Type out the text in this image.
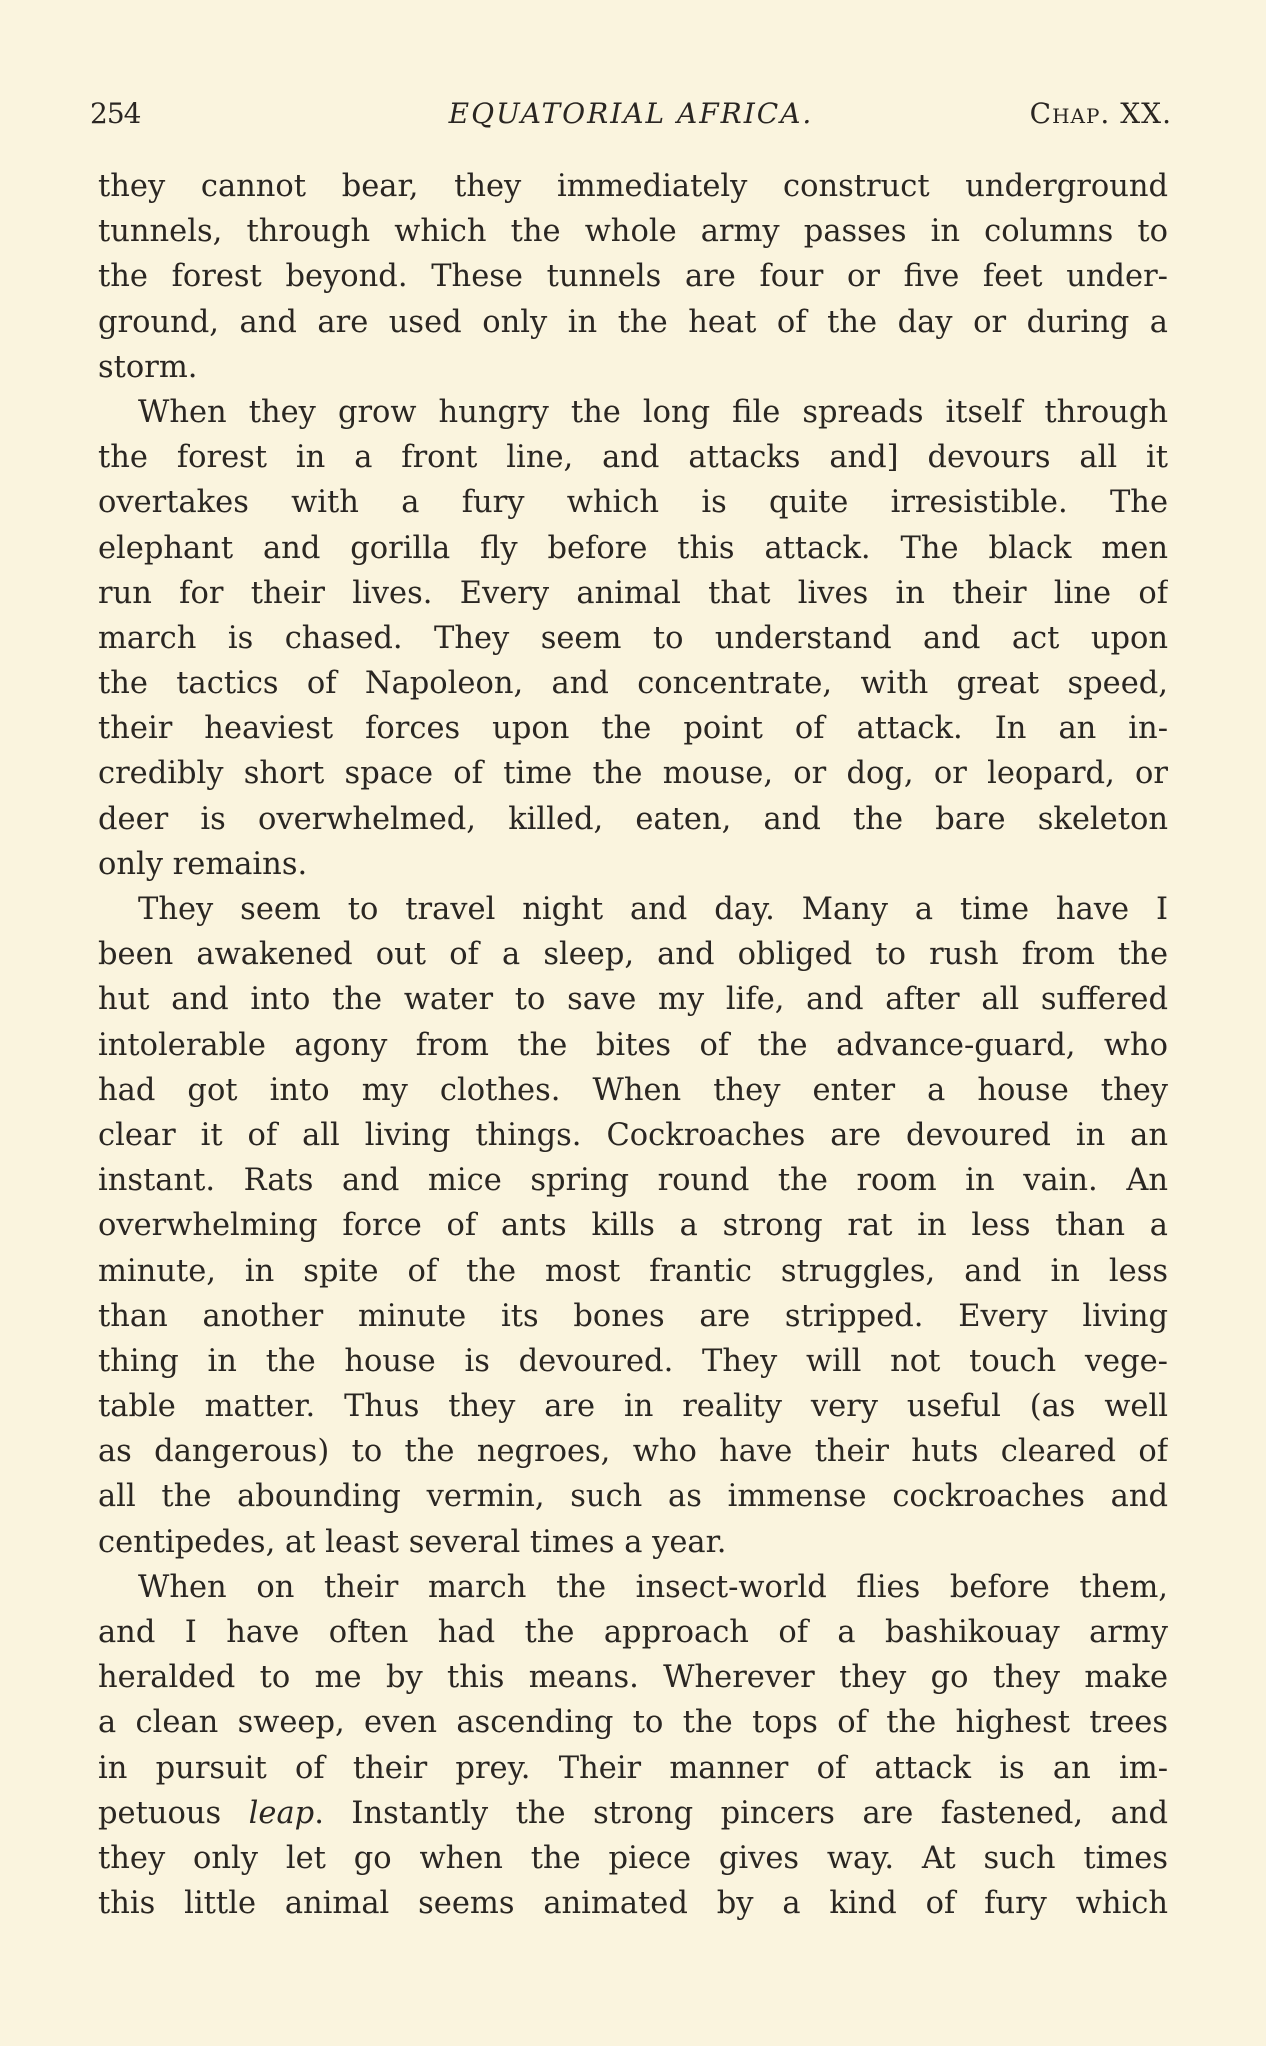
254	EQUATORIAL AFRICA.	Chap. XX.
they cannot bear, they immediately construct underground
tunnels, through which the whole army passes in columns to
the forest beyond. These tunnels are four or five feet under-
ground, and are used only in the heat of the day or during a
storm.
When they grow hungry the long file spreads itself through
the forest in a front line, and attacks and] devours all it
overtakes with a fury which is quite irresistible. The
elephant and gorilla fly before this attack. The black men
run for their lives. Every animal that lives in their line of
march is chased. They seem to understand and act upon
the tactics of Napoleon, and concentrate, with great speed,
their heaviest forces upon the point of attack. In an in-
credibly short space of time the mouse, or dog, or leopard, or
deer is overwhelmed, killed, eaten, and the bare skeleton
only remains.
They seem to travel night and day. Many a time have I
been awakened out of a sleep, and obliged to rush from the
hut and into the water to save my life, and after all suffered
intolerable agony from the bites of the advance-guard, who
had got into my clothes. When they enter a house they
clear it of all living things. Cockroaches are devoured in an
instant. Rats and mice spring round the room in vain. An
overwhelming force of ants kills a strong rat in less than a
minute, in spite of the most frantic struggles, and in less
than another minute its bones are stripped. Every living
thing in the house is devoured. They will not touch vege-
table matter. Thus they are in reality very useful (as well
as dangerous) to the negroes, who have their huts cleared of
all the abounding vermin, such as immense cockroaches and
centipedes, at least several times a year.
When on their march the insect-world flies before them,
and I have often had the approach of a bashikouay army
heralded to me by this means. Wherever they go they make
a clean sweep, even ascending to the tops of the highest trees
in pursuit of their prey. Their manner of attack is an im-
petuous leap. Instantly the strong pincers are fastened, and
they only let go when the piece gives way. At such times
this little animal seems animated by a kind of fury which
